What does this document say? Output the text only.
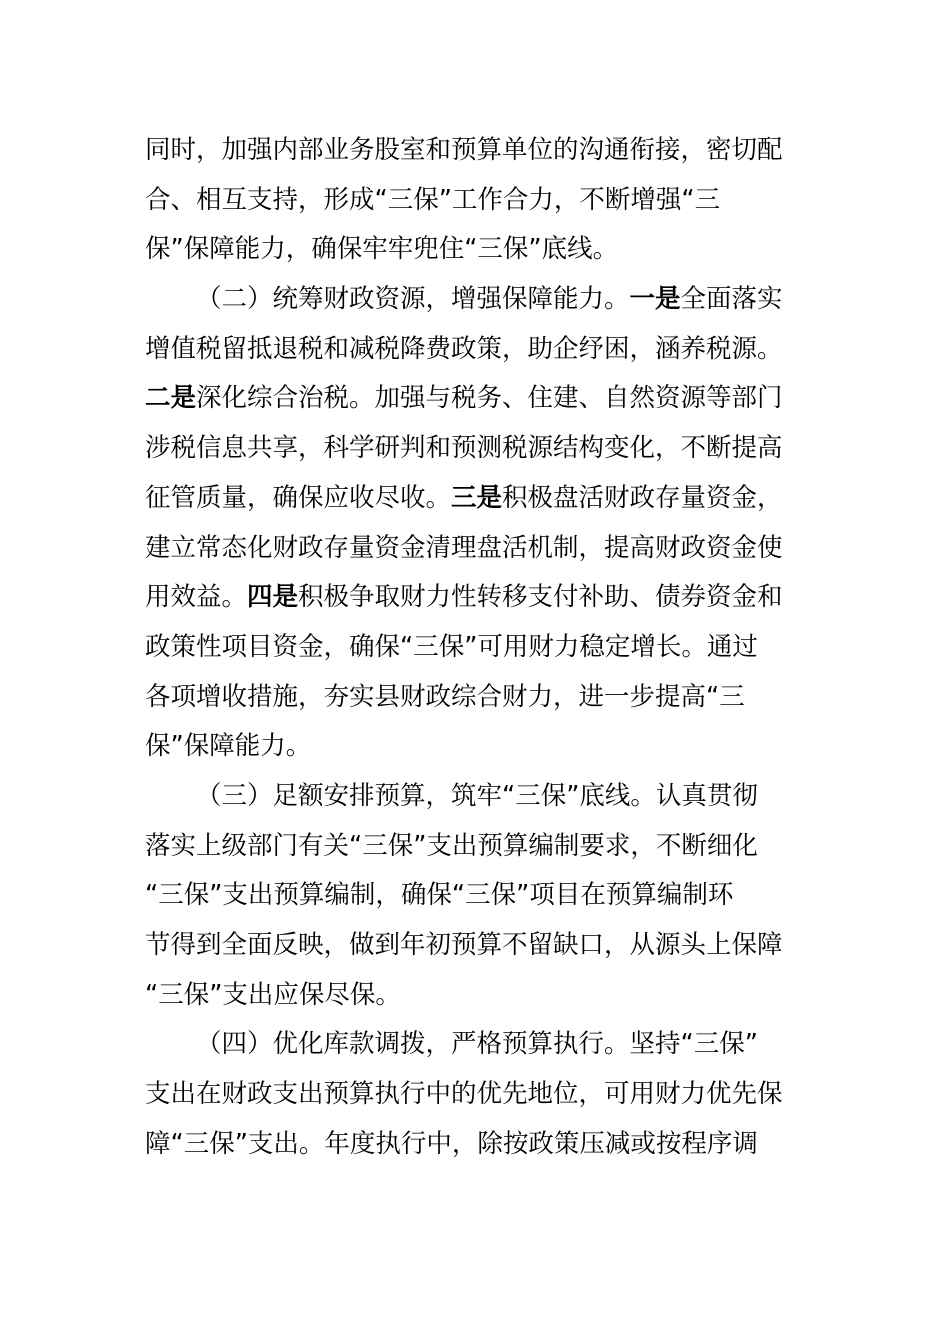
同时，加强内部业务股室和预算单位的沟通衔接，密切配
合、相互支持，形成“三保”工作合力，不断增强“三
保”保障能力，确保牢牢兜住“三保”底线。
（二）统筹财政资源，增强保障能力。一是全面落实
增值税留抵退税和减税降费政策，助企纾困，涵养税源。
二是深化综合治税。加强与税务、住建、自然资源等部门
涉税信息共享，科学研判和预测税源结构变化，不断提高
征管质量，确保应收尽收。三是积极盘活财政存量资金，
建立常态化财政存量资金清理盘活机制，提高财政资金使
用效益。四是积极争取财力性转移支付补助、债券资金和
政策性项目资金，确保“三保”可用财力稳定增长。通过
各项增收措施，夯实县财政综合财力，进一步提高“三
保”保障能力。
（三）足额安排预算，筑牢“三保”底线。认真贯彻
落实上级部门有关“三保”支出预算编制要求，不断细化
“三保”支出预算编制，确保“三保”项目在预算编制环
节得到全面反映，做到年初预算不留缺口，从源头上保障
“三保”支出应保尽保。
（四）优化库款调拨，严格预算执行。坚持“三保”
支出在财政支出预算执行中的优先地位，可用财力优先保
障“三保”支出。年度执行中，除按政策压减或按程序调
